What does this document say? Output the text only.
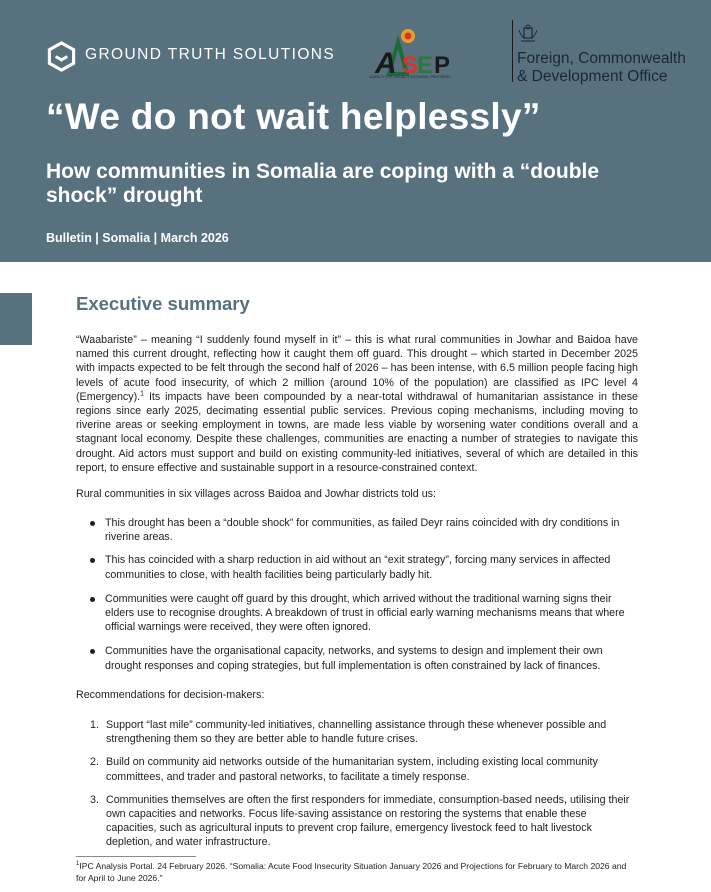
GROUND TRUTH SOLUTIONS A S
E P
AGENCY FOR SOCIAL & ECONOMIC PROGRESS
Foreign, Commonwealth
& Development Office
“We do not wait helplessly”
How communities in Somalia are coping with a “double shock” drought
Bulletin | Somalia | March 2026
Executive summary

“Waabariste” – meaning “I suddenly found myself in it” – this is what rural communities in Jowhar and Baidoa have named this current drought, reflecting how it caught them off guard. This drought – which started in December 2025 with impacts expected to be felt through the second half of 2026 – has been intense, with 6.5 million people facing high levels of acute food insecurity, of which 2 million (around 10% of the population) are classified as IPC level 4 (Emergency).$^1$ Its impacts have been compounded by a near-total withdrawal of humanitarian assistance in these regions since early 2025, decimating essential public services. Previous coping mechanisms, including moving to riverine areas or seeking employment in towns, are made less viable by worsening water conditions overall and a stagnant local economy. Despite these challenges, communities are enacting a number of strategies to navigate this drought. Aid actors must support and build on existing community-led initiatives, several of which are detailed in this report, to ensure effective and sustainable support in a resource-constrained context.

Rural communities in six villages across Baidoa and Jowhar districts told us:

This drought has been a “double shock” for communities, as failed Deyr rains coincided with dry conditions in riverine areas.
This has coincided with a sharp reduction in aid without an “exit strategy”, forcing many services in affected communities to close, with health facilities being particularly badly hit.
Communities were caught off guard by this drought, which arrived without the traditional warning signs their elders use to recognise droughts. A breakdown of trust in official early warning mechanisms means that where official warnings were received, they were often ignored.
Communities have the organisational capacity, networks, and systems to design and implement their own drought responses and coping strategies, but full implementation is often constrained by lack of finances.

Recommendations for decision-makers:

1. Support “last mile” community-led initiatives, channelling assistance through these whenever possible and strengthening them so they are better able to handle future crises.
2. Build on community aid networks outside of the humanitarian system, including existing local community committees, and trader and pastoral networks, to facilitate a timely response.
3. Communities themselves are often the first responders for immediate, consumption-based needs, utilising their own capacities and networks. Focus life-saving assistance on restoring the systems that enable these capacities, such as agricultural inputs to prevent crop failure, emergency livestock feed to halt livestock depletion, and water infrastructure.

$^1$IPC Analysis Portal. 24 February 2026. “Somalia: Acute Food Insecurity Situation January 2026 and Projections for February to March 2026 and for April to June 2026.”
